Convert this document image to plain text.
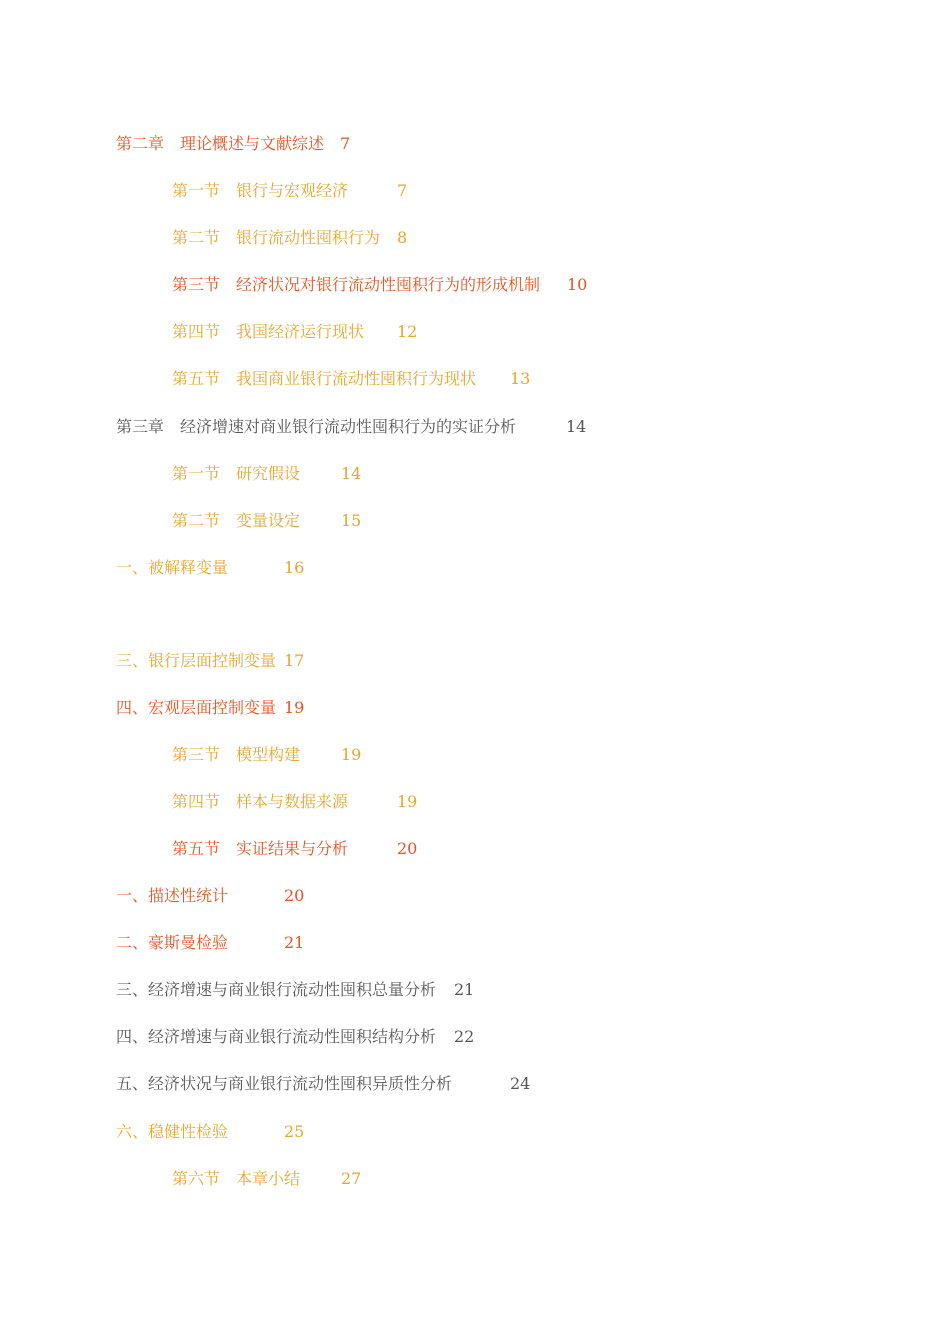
第二章　理论概述与文献综述 7
第一节　银行与宏观经济	7
第二节　银行流动性囤积行为 8
第三节　经济状况对银行流动性囤积行为的形成机制 10
第四节　我国经济运行现状 12
第五节　我国商业银行流动性囤积行为现状 13
第三章　经济增速对商业银行流动性囤积行为的实证分析	14
第一节　研究假设	14
第二节　变量设定	15
一、被解释变量	16
三、银行层面控制变量 17
四、宏观层面控制变量 19
第三节　模型构建	19
第四节　样本与数据来源	19
第五节　实证结果与分析	20
一、描述性统计	20
二、豪斯曼检验	21
三、经济增速与商业银行流动性囤积总量分析 21
四、经济增速与商业银行流动性囤积结构分析 22
五、经济状况与商业银行流动性囤积异质性分析	24
六、稳健性检验	25
第六节　本章小结	27
